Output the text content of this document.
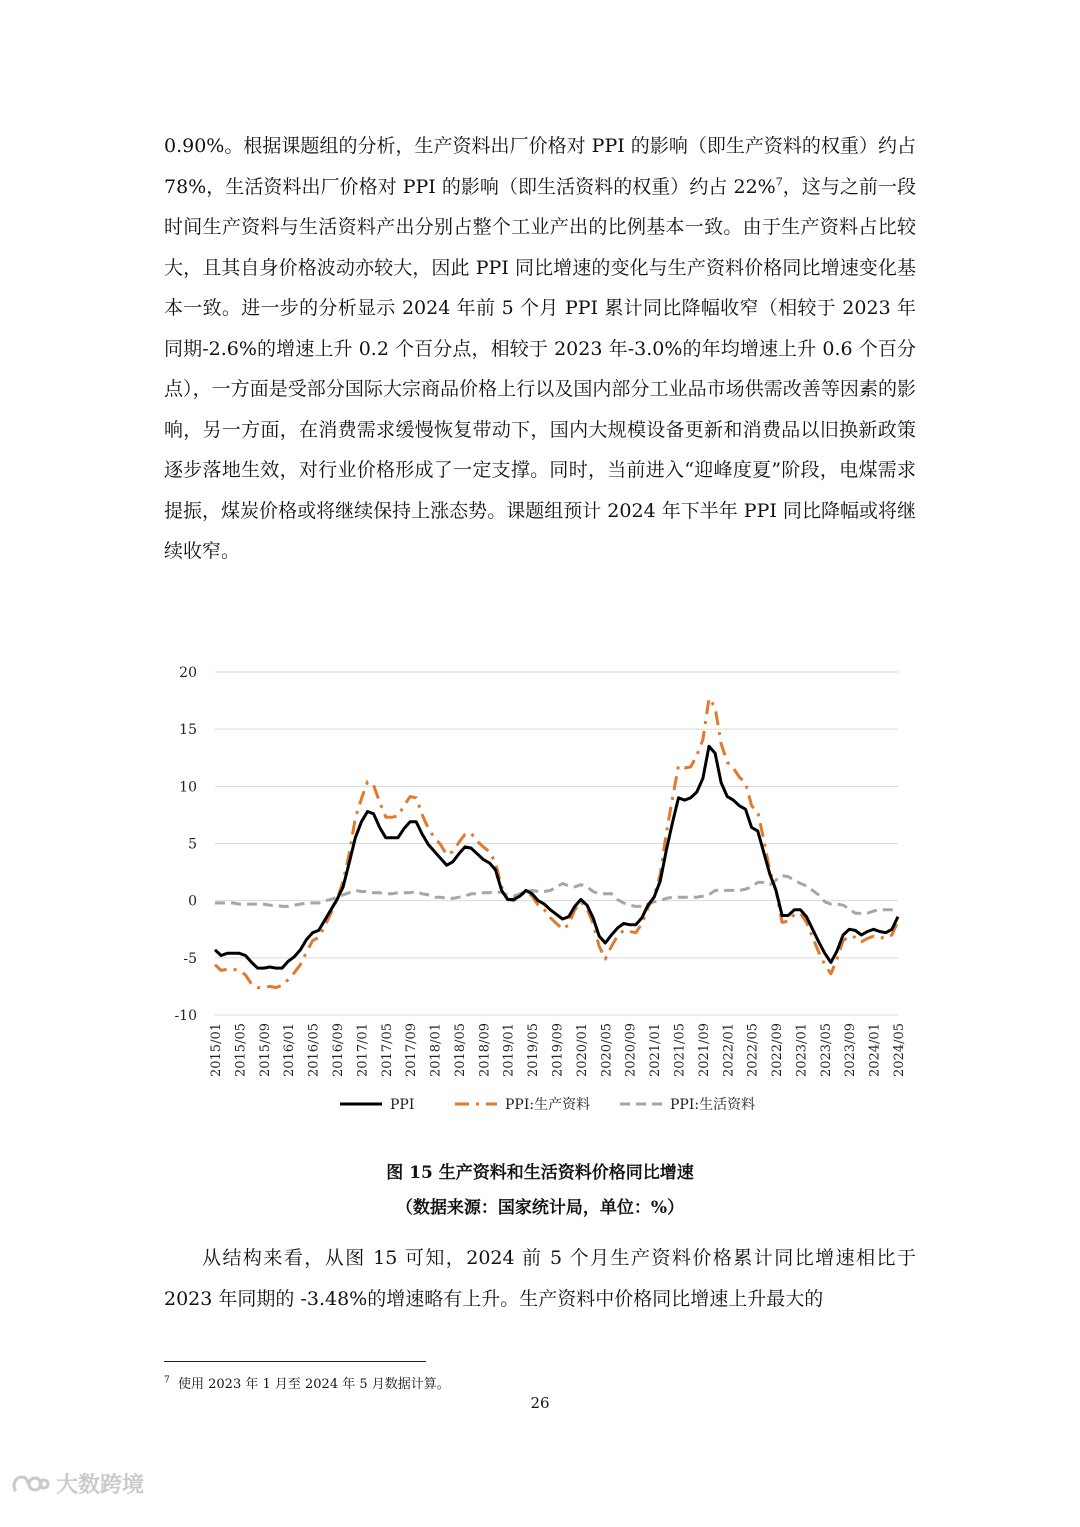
0.90%。根据课题组的分析，生产资料出厂价格对 PPI 的影响（即生产资料的权重）约占 78%，生活资料出厂价格对 PPI 的影响（即生活资料的权重）约占 22%$^7$，这与之前一段时间生产资料与生活资料产出分别占整个工业产出的比例基本一致。由于生产资料占比较大，且其自身价格波动亦较大，因此 PPI 同比增速的变化与生产资料价格同比增速变化基本一致。进一步的分析显示 2024 年前 5 个月 PPI 累计同比降幅收窄（相较于 2023 年同期-2.6%的增速上升 0.2 个百分点，相较于 2023 年-3.0%的年均增速上升 0.6 个百分点），一方面是受部分国际大宗商品价格上行以及国内部分工业品市场供需改善等因素的影响，另一方面，在消费需求缓慢恢复带动下，国内大规模设备更新和消费品以旧换新政策逐步落地生效，对行业价格形成了一定支撑。同时，当前进入“迎峰度夏”阶段，电煤需求提振，煤炭价格或将继续保持上涨态势。课题组预计 2024 年下半年 PPI 同比降幅或将继续收窄。

20
15
10
5
0
-5
-10
2015/01 2015/05 2015/09 2016/01 2016/05 2016/09 2017/01 2017/05 2017/09 2018/01 2018/05 2018/09 2019/01 2019/05 2019/09 2020/01 2020/05 2020/09 2021/01 2021/05 2021/09 2022/01 2022/05 2022/09 2023/01 2023/05 2023/09 2024/01 2024/05
PPI	PPI:生产资料	PPI:生活资料

图 15 生产资料和生活资料价格同比增速

（数据来源：国家统计局，单位：%）

从结构来看，从图 15 可知，2024 前 5 个月生产资料价格累计同比增速相比于 2023 年同期的 -3.48%的增速略有上升。生产资料中价格同比增速上升最大的

$^7$ 使用 2023 年 1 月至 2024 年 5 月数据计算。

26

大数跨境
